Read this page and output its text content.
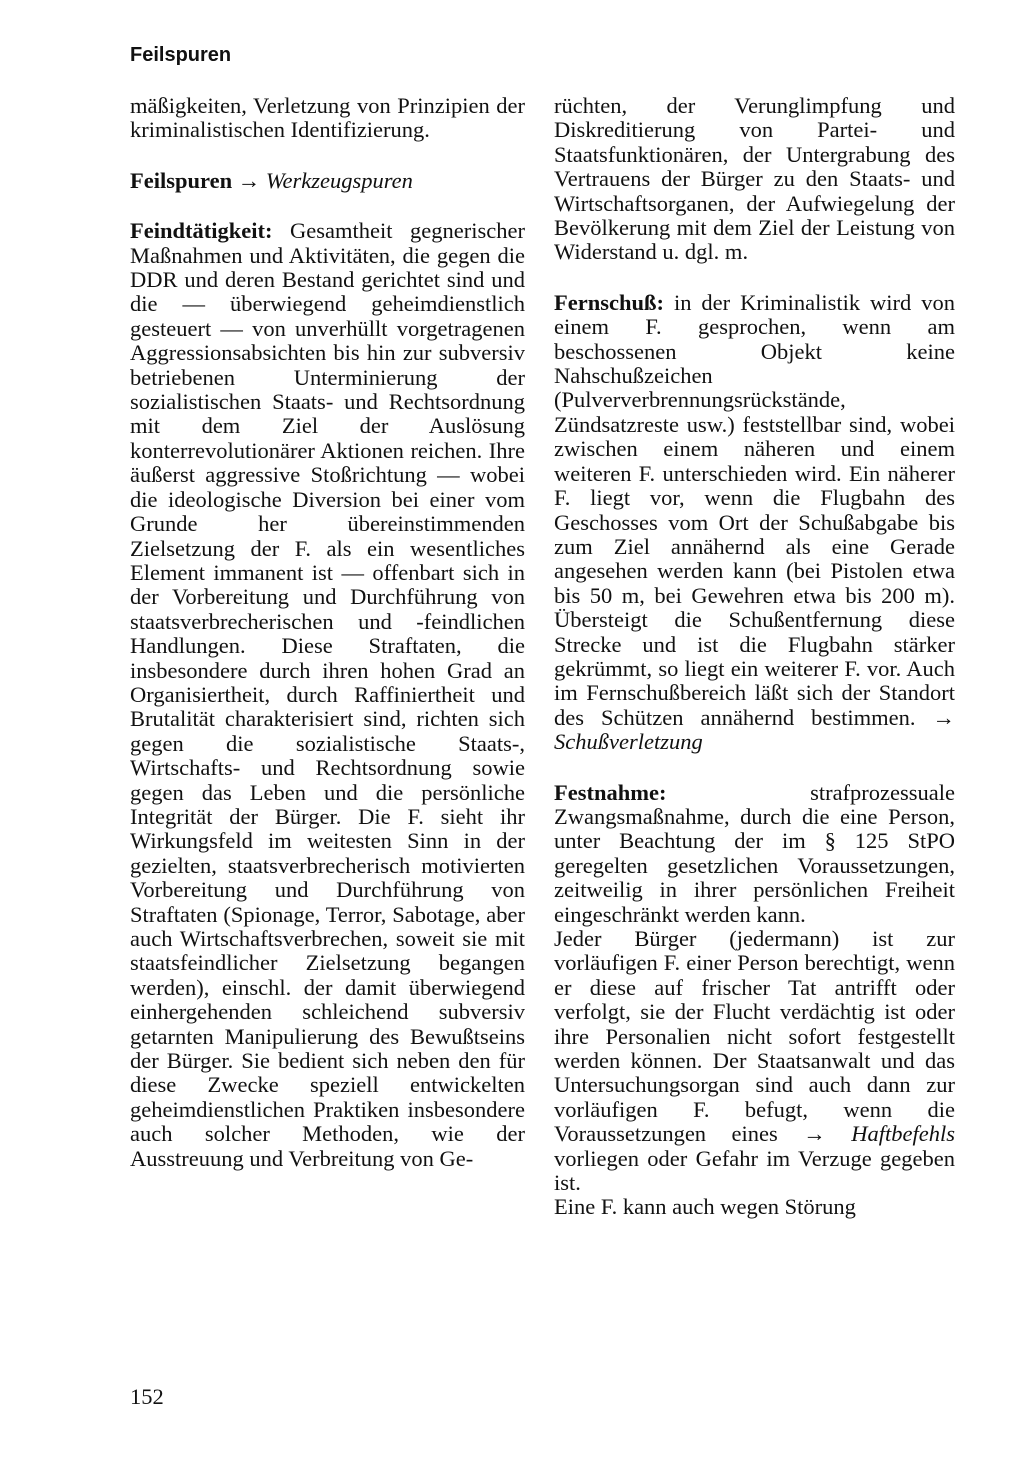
Feilspuren

mäßigkeiten, Verletzung von Prinzipien der kriminalistischen Identifizierung.

Feilspuren → Werkzeugspuren

Feindtätigkeit: Gesamtheit gegnerischer Maßnahmen und Aktivitäten, die gegen die DDR und deren Bestand gerichtet sind und die — überwiegend geheimdienstlich gesteuert — von unverhüllt vorgetragenen Aggressionsabsichten bis hin zur subversiv betriebenen Unterminierung der sozialistischen Staats- und Rechtsordnung mit dem Ziel der Auslösung konterrevolutionärer Aktionen reichen. Ihre äußerst aggressive Stoßrichtung — wobei die ideologische Diversion bei einer vom Grunde her übereinstimmenden Zielsetzung der F. als ein wesentliches Element immanent ist — offenbart sich in der Vorbereitung und Durchführung von staatsverbrecherischen und -feindlichen Handlungen. Diese Straftaten, die insbesondere durch ihren hohen Grad an Organisiertheit, durch Raffiniertheit und Brutalität charakterisiert sind, richten sich gegen die sozialistische Staats-, Wirtschafts- und Rechtsordnung sowie gegen das Leben und die persönliche Integrität der Bürger. Die F. sieht ihr Wirkungsfeld im weitesten Sinn in der gezielten, staatsverbrecherisch motivierten Vorbereitung und Durchführung von Straftaten (Spionage, Terror, Sabotage, aber auch Wirtschaftsverbrechen, soweit sie mit staatsfeindlicher Zielsetzung begangen werden), einschl. der damit überwiegend einhergehenden schleichend subversiv getarnten Manipulierung des Bewußtseins der Bürger. Sie bedient sich neben den für diese Zwecke speziell entwickelten geheimdienstlichen Praktiken insbesondere auch solcher Methoden, wie der Ausstreuung und Verbreitung von Ge-

rüchten, der Verunglimpfung und Diskreditierung von Partei- und Staatsfunktionären, der Untergrabung des Vertrauens der Bürger zu den Staats- und Wirtschaftsorganen, der Aufwiegelung der Bevölkerung mit dem Ziel der Leistung von Widerstand u. dgl. m.

Fernschuß: in der Kriminalistik wird von einem F. gesprochen, wenn am beschossenen Objekt keine Nahschußzeichen (Pulververbrennungsrückstände, Zündsatzreste usw.) feststellbar sind, wobei zwischen einem näheren und einem weiteren F. unterschieden wird. Ein näherer F. liegt vor, wenn die Flugbahn des Geschosses vom Ort der Schußabgabe bis zum Ziel annähernd als eine Gerade angesehen werden kann (bei Pistolen etwa bis 50 m, bei Gewehren etwa bis 200 m). Übersteigt die Schußentfernung diese Strecke und ist die Flugbahn stärker gekrümmt, so liegt ein weiterer F. vor. Auch im Fernschußbereich läßt sich der Standort des Schützen annähernd bestimmen. → Schußverletzung

Festnahme:	strafprozessuale Zwangsmaßnahme, durch die eine Person, unter Beachtung der im § 125 StPO geregelten gesetzlichen Voraussetzungen, zeitweilig in ihrer persönlichen Freiheit eingeschränkt werden kann.

Jeder Bürger (jedermann) ist zur vorläufigen F. einer Person berechtigt, wenn er diese auf frischer Tat antrifft oder verfolgt, sie der Flucht verdächtig ist oder ihre Personalien nicht sofort festgestellt werden können. Der Staatsanwalt und das Untersuchungsorgan sind auch dann zur vorläufigen F. befugt, wenn die Voraussetzungen eines → Haftbefehls vorliegen oder Gefahr im Verzuge gegeben ist.

Eine F. kann auch wegen Störung

152
